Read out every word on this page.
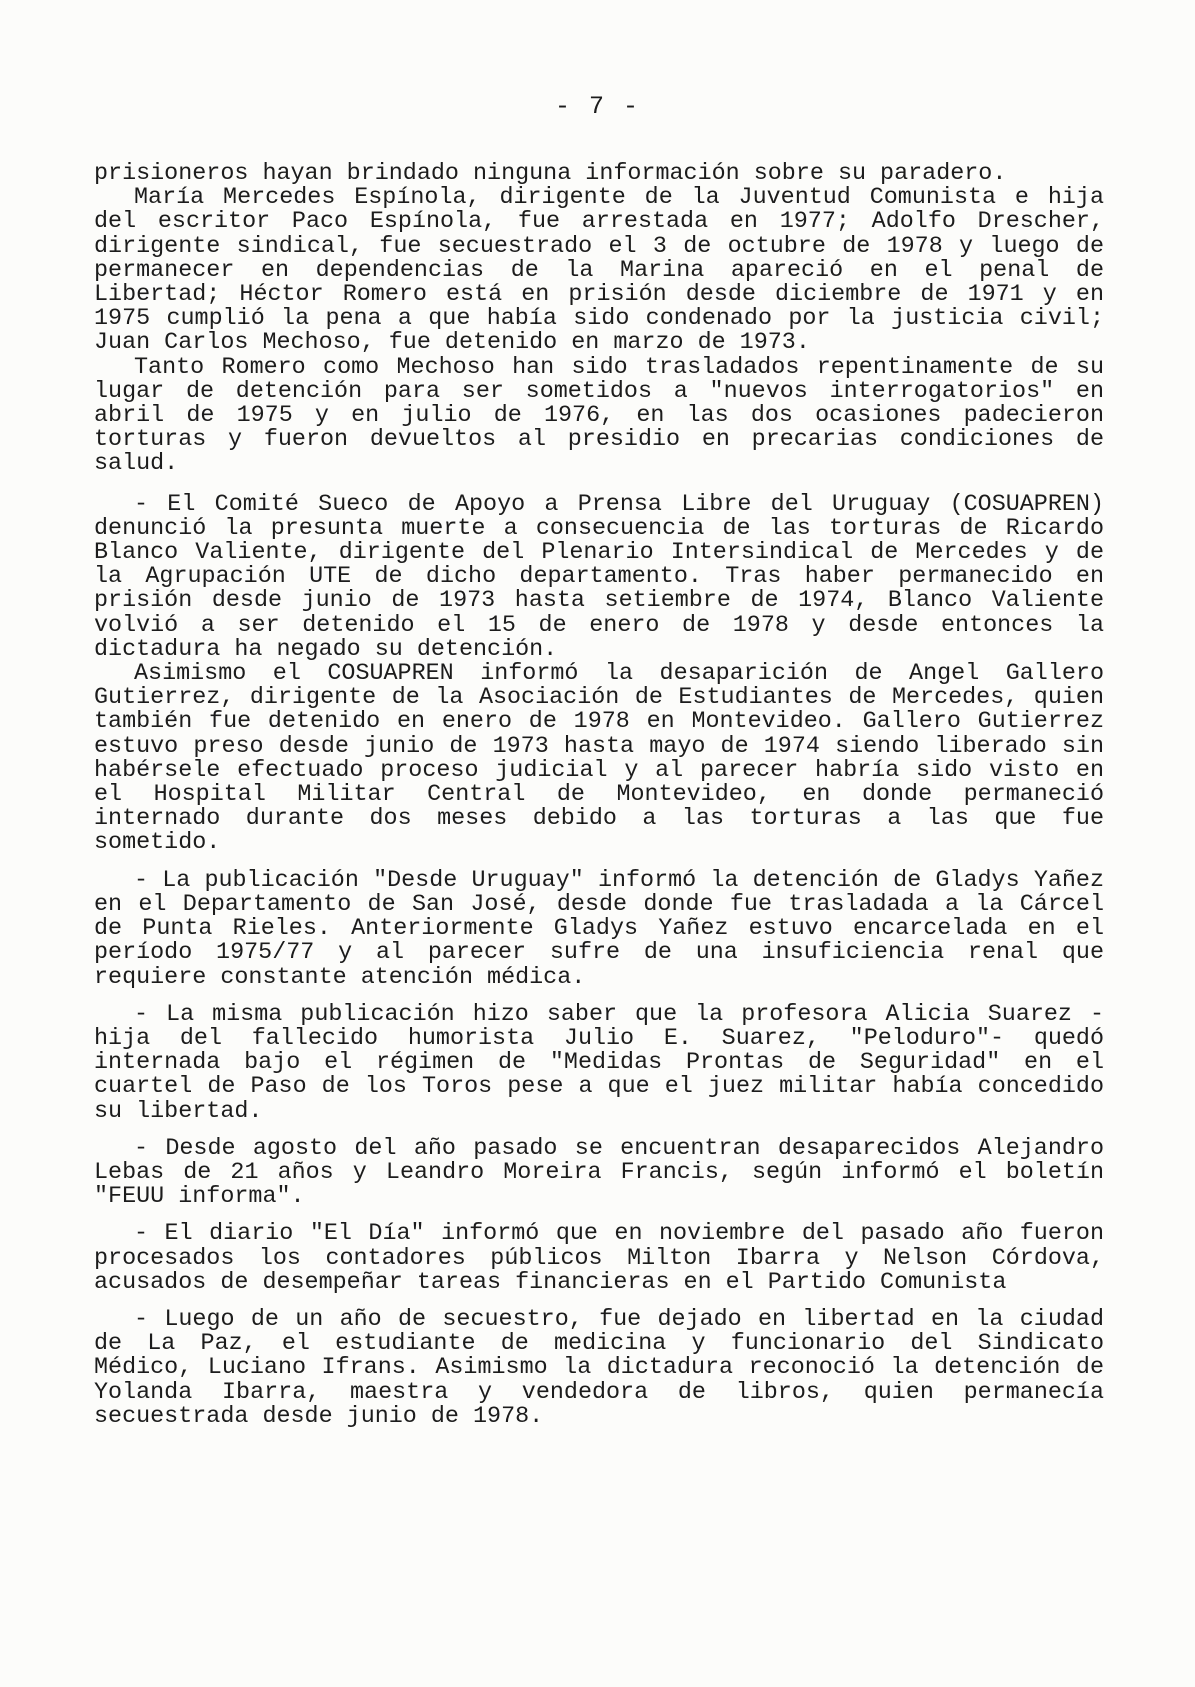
- 7 -

prisioneros hayan brindado ninguna información sobre su paradero.

María Mercedes Espínola, dirigente de la Juventud Comunista e hija del escritor Paco Espínola, fue arrestada en 1977; Adolfo Drescher, dirigente sindical, fue secuestrado el 3 de octubre de 1978 y luego de permanecer en dependencias de la Marina apareció en el penal de Libertad; Héctor Romero está en prisión desde diciembre de 1971 y en 1975 cumplió la pena a que había sido condenado por la justicia civil; Juan Carlos Mechoso, fue detenido en marzo de 1973.

Tanto Romero como Mechoso han sido trasladados repentinamente de su lugar de detención para ser sometidos a "nuevos interrogatorios" en abril de 1975 y en julio de 1976, en las dos ocasiones padecieron torturas y fueron devueltos al presidio en precarias condiciones de salud.

- El Comité Sueco de Apoyo a Prensa Libre del Uruguay (COSUAPREN) denunció la presunta muerte a consecuencia de las torturas de Ricardo Blanco Valiente, dirigente del Plenario Intersindical de Mercedes y de la Agrupación UTE de dicho departamento. Tras haber permanecido en prisión desde junio de 1973 hasta setiembre de 1974, Blanco Valiente volvió a ser detenido el 15 de enero de 1978 y desde entonces la dictadura ha negado su detención.

Asimismo el COSUAPREN informó la desaparición de Angel Gallero Gutierrez, dirigente de la Asociación de Estudiantes de Mercedes, quien también fue detenido en enero de 1978 en Montevideo. Gallero Gutierrez estuvo preso desde junio de 1973 hasta mayo de 1974 siendo liberado sin habérsele efectuado proceso judicial y al parecer habría sido visto en el Hospital Militar Central de Montevideo, en donde permaneció internado durante dos meses debido a las torturas a las que fue sometido.

- La publicación "Desde Uruguay" informó la detención de Gladys Yañez en el Departamento de San José, desde donde fue trasladada a la Cárcel de Punta Rieles. Anteriormente Gladys Yañez estuvo encarcelada en el período 1975/77 y al parecer sufre de una insuficiencia renal que requiere constante atención médica.

- La misma publicación hizo saber que la profesora Alicia Suarez -hija del fallecido humorista Julio E. Suarez, "Peloduro"- quedó internada bajo el régimen de "Medidas Prontas de Seguridad" en el cuartel de Paso de los Toros pese a que el juez militar había concedido su libertad.

- Desde agosto del año pasado se encuentran desaparecidos Alejandro Lebas de 21 años y Leandro Moreira Francis, según informó el boletín "FEUU informa".

- El diario "El Día" informó que en noviembre del pasado año fueron procesados los contadores públicos Milton Ibarra y Nelson Córdova, acusados de desempeñar tareas financieras en el Partido Comunista

- Luego de un año de secuestro, fue dejado en libertad en la ciudad de La Paz, el estudiante de medicina y funcionario del Sindicato Médico, Luciano Ifrans. Asimismo la dictadura reconoció la detención de Yolanda Ibarra, maestra y vendedora de libros, quien permanecía secuestrada desde junio de 1978.
